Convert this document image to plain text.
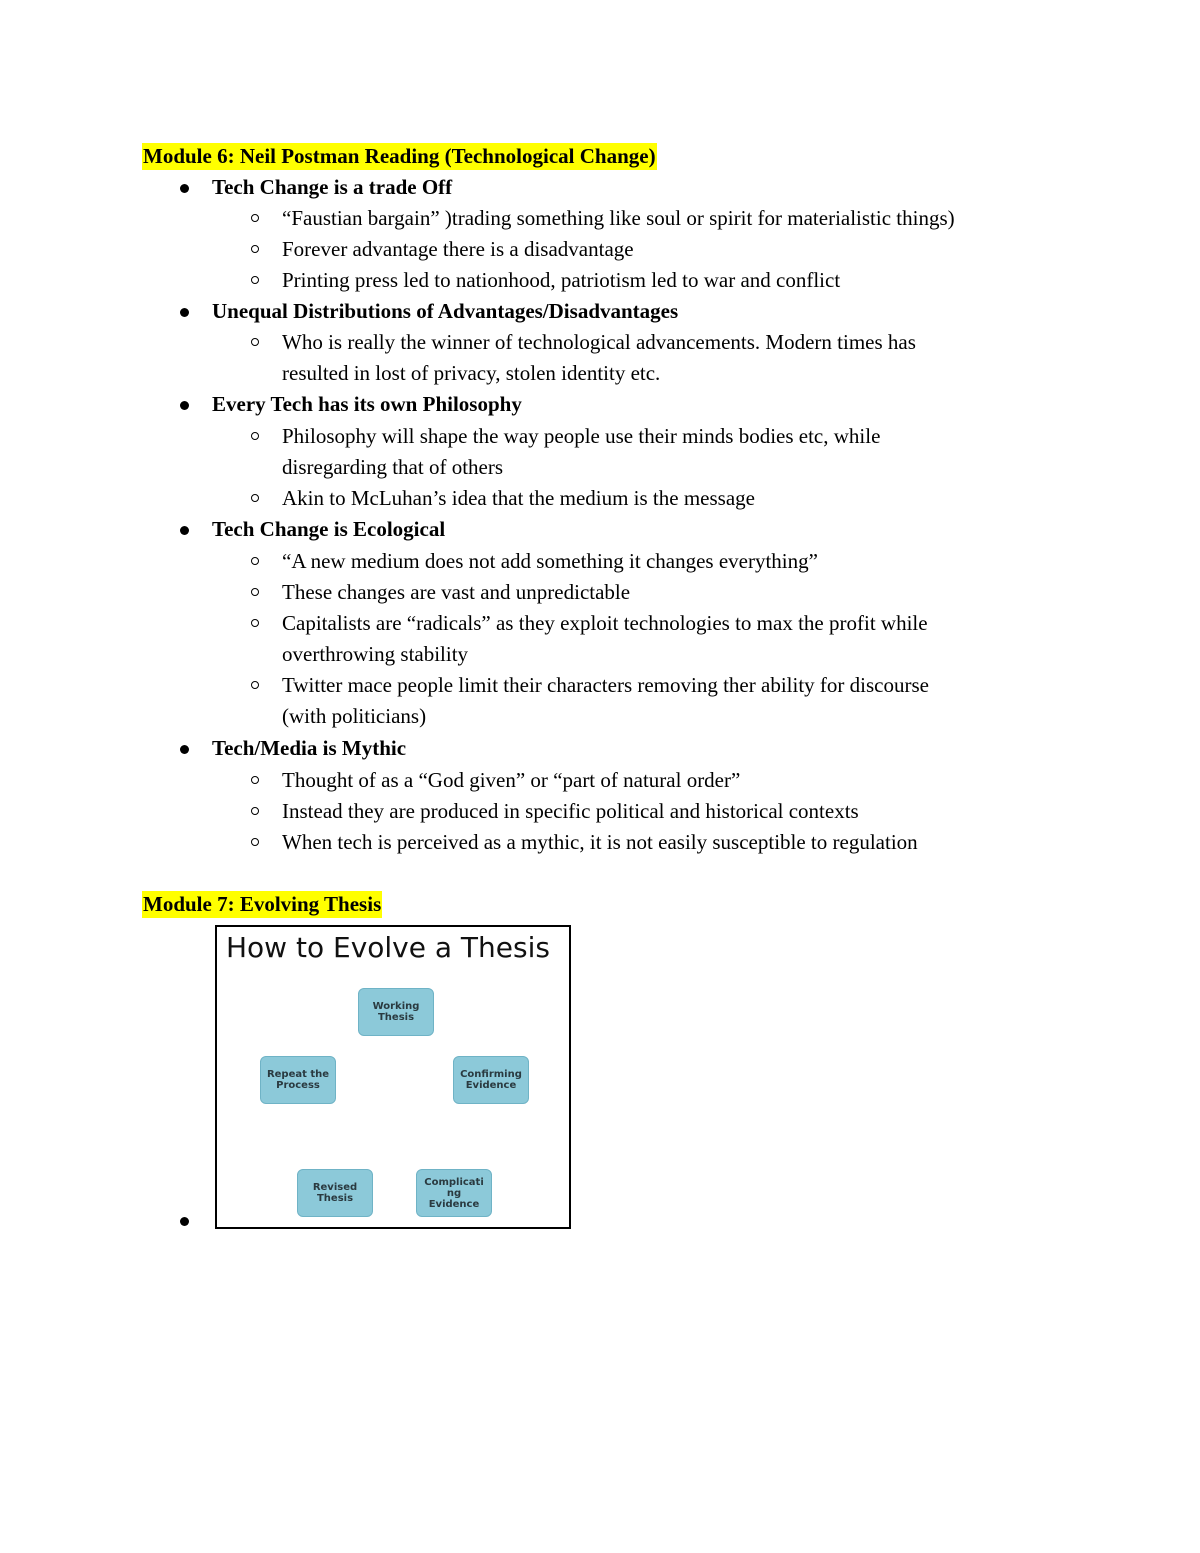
Module 6: Neil Postman Reading (Technological Change)
Tech Change is a trade Off
“Faustian bargain” )trading something like soul or spirit for materialistic things)
Forever advantage there is a disadvantage
Printing press led to nationhood, patriotism led to war and conflict
Unequal Distributions of Advantages/Disadvantages
Who is really the winner of technological advancements. Modern times has
resulted in lost of privacy, stolen identity etc.
Every Tech has its own Philosophy
Philosophy will shape the way people use their minds bodies etc, while
disregarding that of others
Akin to McLuhan’s idea that the medium is the message
Tech Change is Ecological
“A new medium does not add something it changes everything”
These changes are vast and unpredictable
Capitalists are “radicals” as they exploit technologies to max the profit while
overthrowing stability
Twitter mace people limit their characters removing ther ability for discourse
(with politicians)
Tech/Media is Mythic
Thought of as a “God given” or “part of natural order”
Instead they are produced in specific political and historical contexts
When tech is perceived as a mythic, it is not easily susceptible to regulation
Module 7: Evolving Thesis
How to Evolve a Thesis
Working Thesis
Confirming Evidence
Complicati ng Evidence
Revised Thesis
Repeat the Process
